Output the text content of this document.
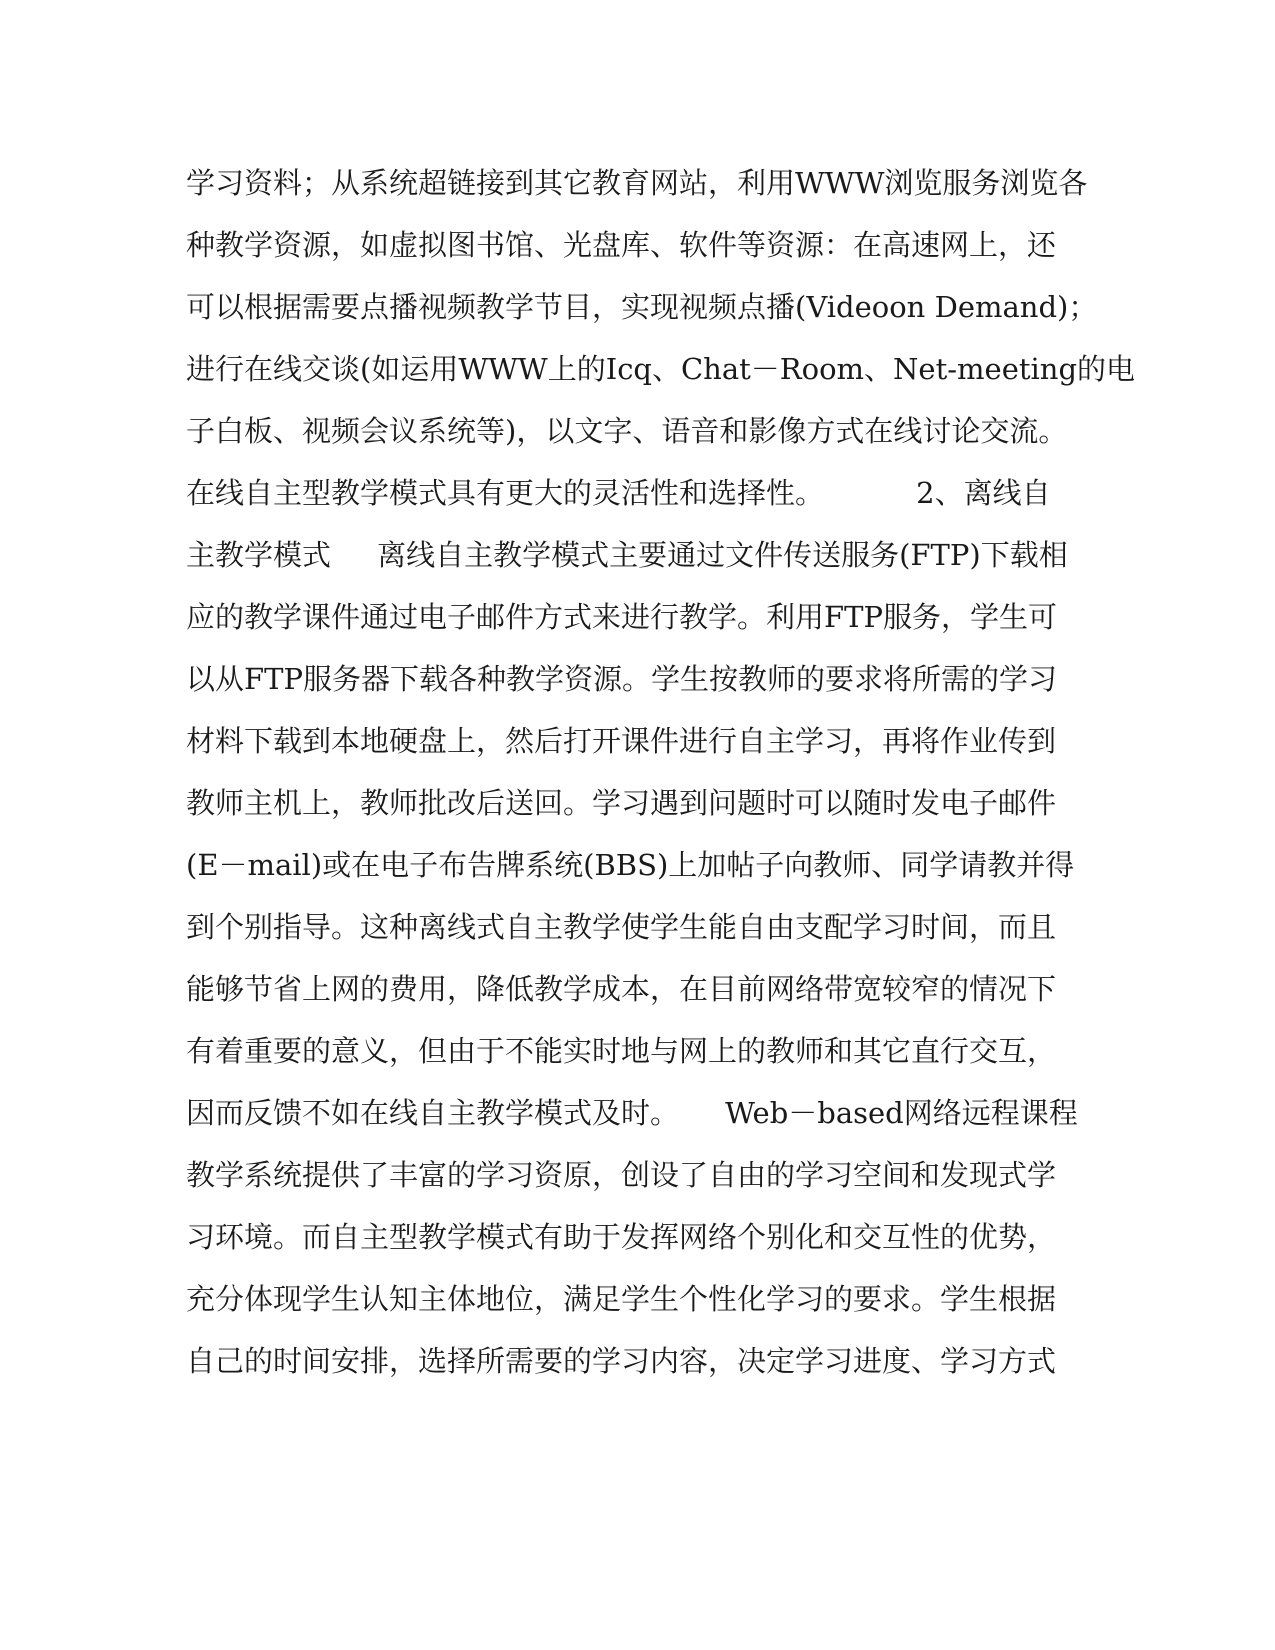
学习资料；从系统超链接到其它教育网站，利用WWW浏览服务浏览各
种教学资源，如虚拟图书馆、光盘库、软件等资源：在高速网上，还
可以根据需要点播视频教学节目，实现视频点播(Videoon Demand)；
进行在线交谈(如运用WWW上的Icq、Chat－Room、Net-meeting的电
子白板、视频会议系统等)，以文字、语音和影像方式在线讨论交流。
在线自主型教学模式具有更大的灵活性和选择性。          2、离线自
主教学模式     离线自主教学模式主要通过文件传送服务(FTP)下载相
应的教学课件通过电子邮件方式来进行教学。利用FTP服务，学生可
以从FTP服务器下载各种教学资源。学生按教师的要求将所需的学习
材料下载到本地硬盘上，然后打开课件进行自主学习，再将作业传到
教师主机上，教师批改后送回。学习遇到问题时可以随时发电子邮件
(E－mail)或在电子布告牌系统(BBS)上加帖子向教师、同学请教并得
到个别指导。这种离线式自主教学使学生能自由支配学习时间，而且
能够节省上网的费用，降低教学成本，在目前网络带宽较窄的情况下
有着重要的意义，但由于不能实时地与网上的教师和其它直行交互，
因而反馈不如在线自主教学模式及时。     Web－based网络远程课程
教学系统提供了丰富的学习资原，创设了自由的学习空间和发现式学
习环境。而自主型教学模式有助于发挥网络个别化和交互性的优势，
充分体现学生认知主体地位，满足学生个性化学习的要求。学生根据
自己的时间安排，选择所需要的学习内容，决定学习进度、学习方式
